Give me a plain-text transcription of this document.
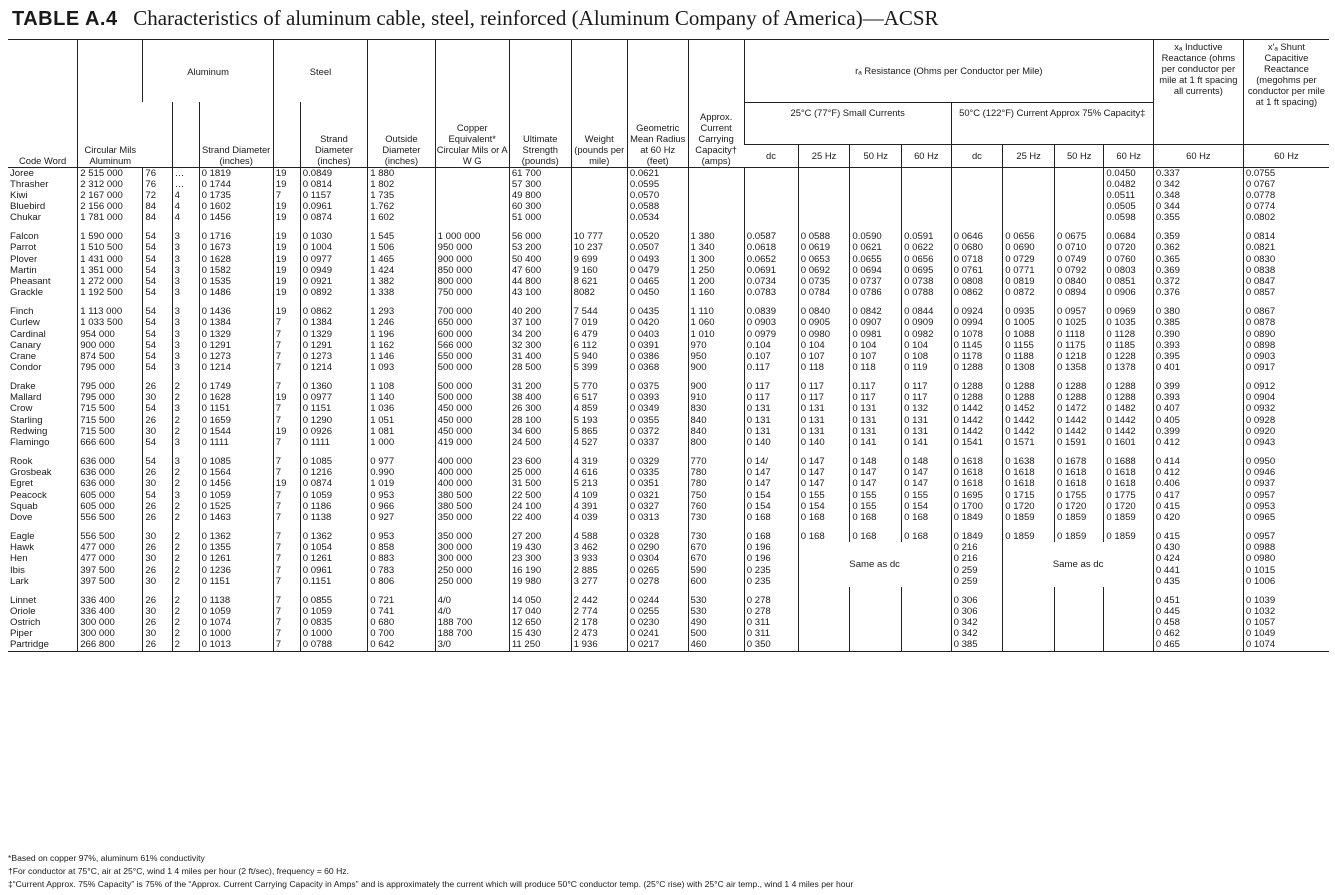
TABLE A.4 Characteristics of aluminum cable, steel, reinforced (Aluminum Company of America)—ACSR
Code Word	Circular Mils Aluminum	Aluminum			Steel		Outside Diameter (inches)	Copper Equivalent* Circular Mils or A W G	Ultimate Strength (pounds)	Weight (pounds per mile)	Geometric Mean Radius at 60 Hz (feet)	Approx. Current Carrying Capacity† (amps)	rₐ Resistance (Ohms per Conductor per Mile)								xₐ Inductive Reactance (ohms per conductor per mile at 1 ft spacing all currents)	x′ₐ Shunt Capacitive Reactance (megohms per conductor per mile at 1 ft spacing)
				Strand Diameter (inches)		Strand Diameter (inches)							25°C (77°F) Small Currents				50°C (122°F) Current Approx 75% Capacity‡					
													dc	25 Hz	50 Hz	60 Hz	dc	25 Hz	50 Hz	60 Hz	60 Hz	60 Hz
Joree	2 515 000	76	…	0 1819	19	0.0849	1 880		61 700		0.0621									0.0450	0.337	0.0755
Thrasher	2 312 000	76	…	0 1744	19	0 0814	1 802		57 300		0.0595									0.0482	0 342	0 0767
Kiwi	2 167 000	72	4	0 1735	7	0 1157	1 735		49 800		0.0570									0.0511	0.348	0.0778
Bluebird	2 156 000	84	4	0 1602	19	0.0961	1.762		60 300		0.0588									0.0505	0 344	0 0774
Chukar	1 781 000	84	4	0 1456	19	0 0874	1 602		51 000		0.0534									0.0598	0.355	0.0802

Falcon	1 590 000	54	3	0 1716	19	0 1030	1 545	1 000 000	56 000	10 777	0.0520	1 380	0.0587	0 0588	0.0590	0.0591	0 0646	0 0656	0 0675	0.0684	0.359	0 0814
Parrot	1 510 500	54	3	0 1673	19	0 1004	1 506	950 000	53 200	10 237	0.0507	1 340	0.0618	0 0619	0 0621	0 0622	0 0680	0 0690	0 0710	0 0720	0.362	0.0821
Plover	1 431 000	54	3	0 1628	19	0 0977	1 465	900 000	50 400	9 699	0 0493	1 300	0.0652	0 0653	0.0655	0 0656	0 0718	0 0729	0 0749	0 0760	0.365	0 0830
Martin	1 351 000	54	3	0 1582	19	0 0949	1 424	850 000	47 600	9 160	0 0479	1 250	0.0691	0 0692	0 0694	0 0695	0 0761	0 0771	0 0792	0 0803	0.369	0 0838
Pheasant	1 272 000	54	3	0 1535	19	0 0921	1 382	800 000	44 800	8 621	0 0465	1 200	0.0734	0 0735	0 0737	0 0738	0 0808	0 0819	0 0840	0 0851	0.372	0 0847
Grackle	1 192 500	54	3	0 1486	19	0 0892	1 338	750 000	43 100	8082	0 0450	1 160	0.0783	0 0784	0 0786	0 0788	0 0862	0 0872	0 0894	0 0906	0.376	0 0857

Finch	1 113 000	54	3	0 1436	19	0 0862	1 293	700 000	40 200	7 544	0 0435	1 110	0.0839	0 0840	0 0842	0 0844	0 0924	0 0935	0 0957	0 0969	0 380	0 0867
Curlew	1 033 500	54	3	0 1384	7	0 1384	1 246	650 000	37 100	7 019	0 0420	1 060	0 0903	0 0905	0 0907	0 0909	0 0994	0 1005	0 1025	0 1035	0.385	0 0878
Cardinal	954 000	54	3	0 1329	7	0 1329	1 196	600 000	34 200	6 479	0 0403	1 010	0 0979	0 0980	0 0981	0 0982	0 1078	0 1088	0 1118	0 1128	0.390	0 0890
Canary	900 000	54	3	0 1291	7	0 1291	1 162	566 000	32 300	6 112	0 0391	970	0.104	0 104	0 104	0 104	0 1145	0 1155	0 1175	0 1185	0.393	0 0898
Crane	874 500	54	3	0 1273	7	0 1273	1 146	550 000	31 400	5 940	0 0386	950	0.107	0 107	0 107	0 108	0 1178	0 1188	0 1218	0 1228	0.395	0 0903
Condor	795 000	54	3	0 1214	7	0 1214	1 093	500 000	28 500	5 399	0 0368	900	0.117	0 118	0 118	0 119	0 1288	0 1308	0 1358	0 1378	0 401	0 0917

Drake	795 000	26	2	0 1749	7	0 1360	1 108	500 000	31 200	5 770	0 0375	900	0 117	0 117	0.117	0 117	0 1288	0 1288	0 1288	0 1288	0 399	0 0912
Mallard	795 000	30	2	0 1628	19	0 0977	1 140	500 000	38 400	6 517	0 0393	910	0 117	0 117	0 117	0 117	0 1288	0 1288	0 1288	0 1288	0.393	0 0904
Crow	715 500	54	3	0 1151	7	0 1151	1 036	450 000	26 300	4 859	0 0349	830	0 131	0 131	0 131	0 132	0 1442	0 1452	0 1472	0 1482	0 407	0 0932
Starling	715 500	26	2	0 1659	7	0 1290	1 051	450 000	28 100	5 193	0 0355	840	0 131	0 131	0 131	0 131	0 1442	0 1442	0 1442	0 1442	0 405	0 0928
Redwing	715 500	30	2	0 1544	19	0 0926	1 081	450 000	34 600	5 865	0 0372	840	0 131	0 131	0 131	0 131	0 1442	0 1442	0 1442	0 1442	0.399	0 0920
Flamingo	666 600	54	3	0 1111	7	0 1111	1 000	419 000	24 500	4 527	0 0337	800	0 140	0 140	0 141	0 141	0 1541	0 1571	0 1591	0 1601	0 412	0 0943

Rook	636 000	54	3	0 1085	7	0 1085	0 977	400 000	23 600	4 319	0 0329	770	0 14/	0 147	0 148	0 148	0 1618	0 1638	0 1678	0 1688	0 414	0 0950
Grosbeak	636 000	26	2	0 1564	7	0 1216	0.990	400 000	25 000	4 616	0 0335	780	0 147	0 147	0 147	0 147	0 1618	0 1618	0 1618	0 1618	0 412	0 0946
Egret	636 000	30	2	0 1456	19	0 0874	1 019	400 000	31 500	5 213	0 0351	780	0 147	0 147	0 147	0 147	0 1618	0 1618	0 1618	0 1618	0.406	0 0937
Peacock	605 000	54	3	0 1059	7	0 1059	0 953	380 500	22 500	4 109	0 0321	750	0 154	0 155	0 155	0 155	0 1695	0 1715	0 1755	0 1775	0 417	0 0957
Squab	605 000	26	2	0 1525	7	0 1186	0 966	380 500	24 100	4 391	0 0327	760	0 154	0 154	0 155	0 154	0 1700	0 1720	0 1720	0 1720	0 415	0 0953
Dove	556 500	26	2	0 1463	7	0 1138	0 927	350 000	22 400	4 039	0 0313	730	0 168	0 168	0 168	0 168	0 1849	0 1859	0 1859	0 1859	0 420	0 0965

Eagle	556 500	30	2	0 1362	7	0 1362	0 953	350 000	27 200	4 588	0 0328	730	0 168	0 168	0 168	0 168	0 1849	0 1859	0 1859	0 1859	0 415	0 0957
Hawk	477 000	26	2	0 1355	7	0 1054	0 858	300 000	19 430	3 462	0 0290	670	0 196	Same as dc			0 216	Same as dc			0 430	0 0988
Hen	477 000	30	2	0 1261	7	0 1261	0 883	300 000	23 300	3 933	0 0304	670	0 196				0 216				0 424	0 0980
Ibis	397 500	26	2	0 1236	7	0 0961	0 783	250 000	16 190	2 885	0 0265	590	0 235				0 259				0 441	0 1015
Lark	397 500	30	2	0 1151	7	0.1151	0 806	250 000	19 980	3 277	0 0278	600	0 235				0 259				0 435	0 1006

Linnet	336 400	26	2	0 1138	7	0 0855	0 721	4/0	14 050	2 442	0 0244	530	0 278				0 306				0 451	0 1039
Oriole	336 400	30	2	0 1059	7	0 1059	0 741	4/0	17 040	2 774	0 0255	530	0 278				0 306				0 445	0 1032
Ostrich	300 000	26	2	0 1074	7	0 0835	0 680	188 700	12 650	2 178	0 0230	490	0 311				0 342				0 458	0 1057
Piper	300 000	30	2	0 1000	7	0 1000	0 700	188 700	15 430	2 473	0 0241	500	0 311				0 342				0 462	0 1049
Partridge	266 800	26	2	0 1013	7	0 0788	0 642	3/0	11 250	1 936	0 0217	460	0 350				0 385				0 465	0 1074
*Based on copper 97%, aluminum 61% conductivity
†For conductor at 75°C, air at 25°C, wind 1 4 miles per hour (2 ft/sec), frequency = 60 Hz.
‡“Current Approx. 75% Capacity” is 75% of the “Approx. Current Carrying Capacity in Amps” and is approximately the current which will produce 50°C conductor temp. (25°C rise) with 25°C air temp., wind 1 4 miles per hour
